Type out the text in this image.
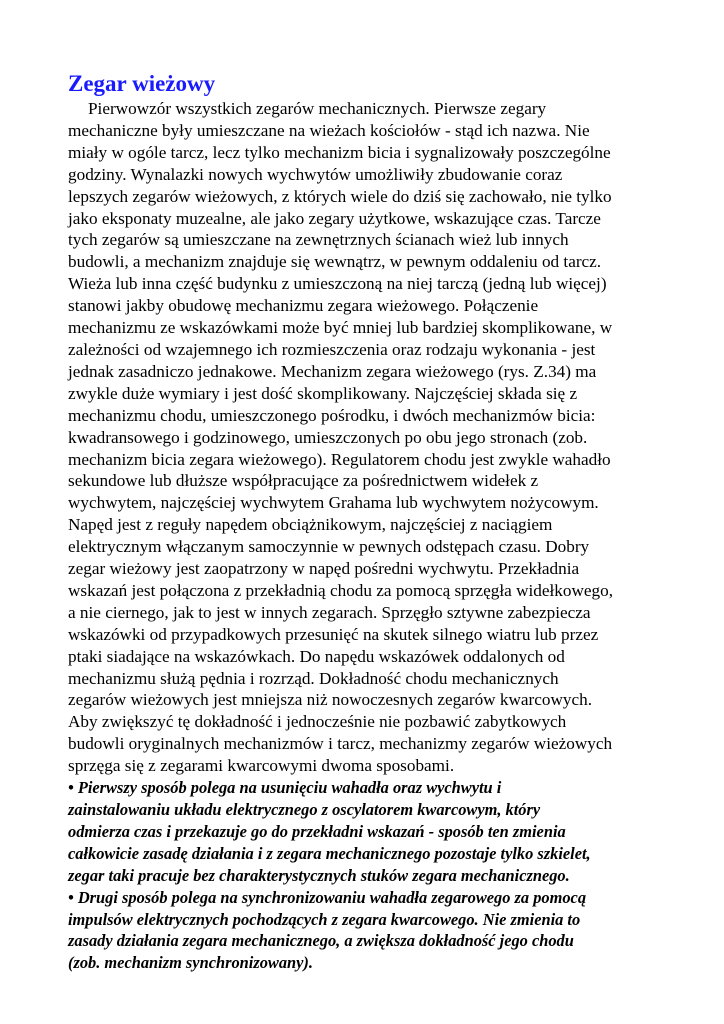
Zegar wieżowy
Pierwowzór wszystkich zegarów mechanicznych. Pierwsze zegary
mechaniczne były umieszczane na wieżach kościołów - stąd ich nazwa. Nie
miały w ogóle tarcz, lecz tylko mechanizm bicia i sygnalizowały poszczególne
godziny. Wynalazki nowych wychwytów umożliwiły zbudowanie coraz
lepszych zegarów wieżowych, z których wiele do dziś się zachowało, nie tylko
jako eksponaty muzealne, ale jako zegary użytkowe, wskazujące czas. Tarcze
tych zegarów są umieszczane na zewnętrznych ścianach wież lub innych
budowli, a mechanizm znajduje się wewnątrz, w pewnym oddaleniu od tarcz.
Wieża lub inna część budynku z umieszczoną na niej tarczą (jedną lub więcej)
stanowi jakby obudowę mechanizmu zegara wieżowego. Połączenie
mechanizmu ze wskazówkami może być mniej lub bardziej skomplikowane, w
zależności od wzajemnego ich rozmieszczenia oraz rodzaju wykonania - jest
jednak zasadniczo jednakowe. Mechanizm zegara wieżowego (rys. Z.34) ma
zwykle duże wymiary i jest dość skomplikowany. Najczęściej składa się z
mechanizmu chodu, umieszczonego pośrodku, i dwóch mechanizmów bicia:
kwadransowego i godzinowego, umieszczonych po obu jego stronach (zob.
mechanizm bicia zegara wieżowego). Regulatorem chodu jest zwykle wahadło
sekundowe lub dłuższe współpracujące za pośrednictwem widełek z
wychwytem, najczęściej wychwytem Grahama lub wychwytem nożycowym.
Napęd jest z reguły napędem obciążnikowym, najczęściej z naciągiem
elektrycznym włączanym samoczynnie w pewnych odstępach czasu. Dobry
zegar wieżowy jest zaopatrzony w napęd pośredni wychwytu. Przekładnia
wskazań jest połączona z przekładnią chodu za pomocą sprzęgła widełkowego,
a nie ciernego, jak to jest w innych zegarach. Sprzęgło sztywne zabezpiecza
wskazówki od przypadkowych przesunięć na skutek silnego wiatru lub przez
ptaki siadające na wskazówkach. Do napędu wskazówek oddalonych od
mechanizmu służą pędnia i rozrząd. Dokładność chodu mechanicznych
zegarów wieżowych jest mniejsza niż nowoczesnych zegarów kwarcowych.
Aby zwiększyć tę dokładność i jednocześnie nie pozbawić zabytkowych
budowli oryginalnych mechanizmów i tarcz, mechanizmy zegarów wieżowych
sprzęga się z zegarami kwarcowymi dwoma sposobami.
• Pierwszy sposób polega na usunięciu wahadła oraz wychwytu i
zainstalowaniu układu elektrycznego z oscylatorem kwarcowym, który
odmierza czas i przekazuje go do przekładni wskazań - sposób ten zmienia
całkowicie zasadę działania i z zegara mechanicznego pozostaje tylko szkielet,
zegar taki pracuje bez charakterystycznych stuków zegara mechanicznego.
• Drugi sposób polega na synchronizowaniu wahadła zegarowego za pomocą
impulsów elektrycznych pochodzących z zegara kwarcowego. Nie zmienia to
zasady działania zegara mechanicznego, a zwiększa dokładność jego chodu
(zob. mechanizm synchronizowany).
